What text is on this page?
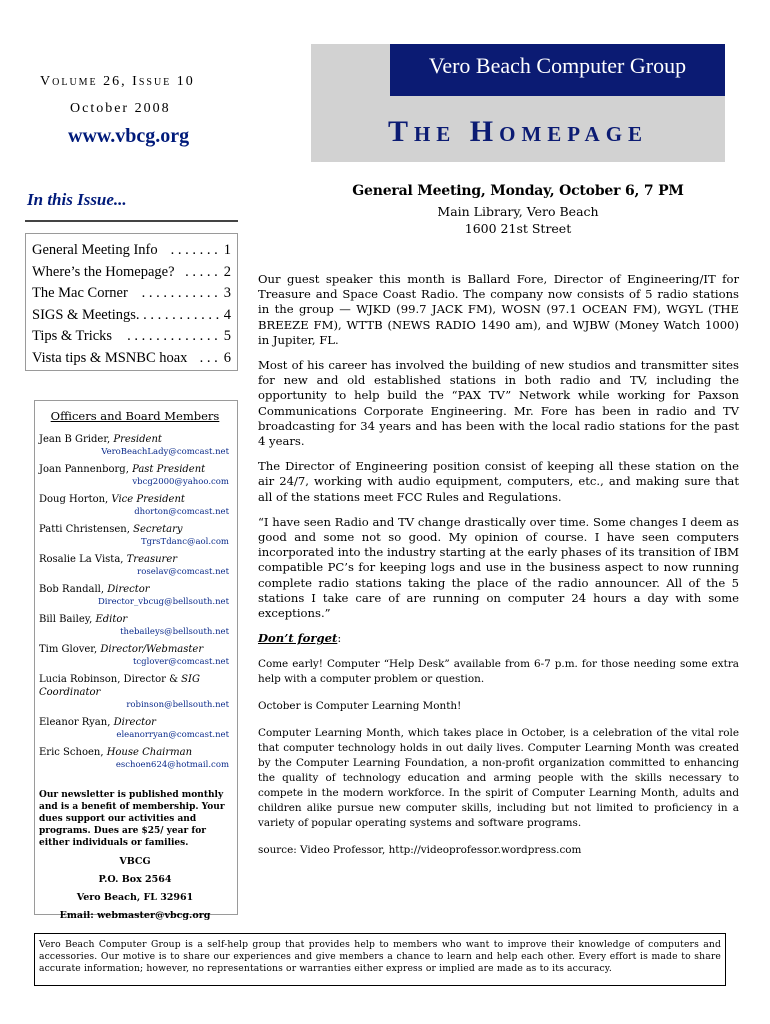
Volume 26, Issue 10
October 2008
www.vbcg.org
Vero Beach Computer Group
The Homepage
In this Issue...
General Meeting Info . . . . . . . 1
Where’s the Homepage? . . . . . 2
The Mac Corner . . . . . . . . . . . 3
SIGS & Meetings . . . . . . . . . . . . 4
Tips & Tricks	. . . . . . . . . . . . . 5
Vista tips & MSNBC hoax . . . 6
Officers and Board Members
Jean B Grider, President
VeroBeachLady@comcast.net
Joan Pannenborg, Past President
vbcg2000@yahoo.com
Doug Horton, Vice President
dhorton@comcast.net
Patti Christensen, Secretary
TgrsTdanc@aol.com
Rosalie La Vista, Treasurer
roselav@comcast.net
Bob Randall, Director
Director_vbcug@bellsouth.net
Bill Bailey, Editor
thebaileys@bellsouth.net
Tim Glover, Director/Webmaster
tcglover@comcast.net
Lucia Robinson, Director & SIG Coordinator
robinson@bellsouth.net
Eleanor Ryan, Director
eleanorryan@comcast.net
Eric Schoen, House Chairman
eschoen624@hotmail.com
Our newsletter is published monthly and is a benefit of membership. Your dues support our activities and programs. Dues are $25/ year for either individuals or families.
VBCG
P.O. Box 2564
Vero Beach, FL 32961
Email: webmaster@vbcg.org
General Meeting, Monday, October 6, 7 PM
Main Library, Vero Beach
1600 21st Street

Our guest speaker this month is Ballard Fore, Director of Engineering/IT for Treasure and Space Coast Radio. The company now consists of 5 radio stations in the group — WJKD (99.7 JACK FM), WOSN (97.1 OCEAN FM), WGYL (THE BREEZE FM), WTTB (NEWS RADIO 1490 am), and WJBW (Money Watch 1000) in Jupiter, FL.

Most of his career has involved the building of new studios and transmitter sites for new and old established stations in both radio and TV, including the opportunity to help build the “PAX TV” Network while working for Paxson Communications Corporate Engineering. Mr. Fore has been in radio and TV broadcasting for 34 years and has been with the local radio stations for the past 4 years.

The Director of Engineering position consist of keeping all these station on the air 24/7, working with audio equipment, computers, etc., and making sure that all of the stations meet FCC Rules and Regulations.

“I have seen Radio and TV change drastically over time. Some changes I deem as good and some not so good. My opinion of course. I have seen computers incorporated into the industry starting at the early phases of its transition of IBM compatible PC’s for keeping logs and use in the business aspect to now running complete radio stations taking the place of the radio announcer. All of the 5 stations I take care of are running on computer 24 hours a day with some exceptions.”

Don’t forget:

Come early! Computer “Help Desk” available from 6-7 p.m. for those needing some extra help with a computer problem or question.

October is Computer Learning Month!

Computer Learning Month, which takes place in October, is a celebration of the vital role that computer technology holds in out daily lives. Computer Learning Month was created by the Computer Learning Foundation, a non-profit organization committed to enhancing the quality of technology education and arming people with the skills necessary to compete in the modern workforce. In the spirit of Computer Learning Month, adults and children alike pursue new computer skills, including but not limited to proficiency in a variety of popular operating systems and software programs.

source: Video Professor, http://videoprofessor.wordpress.com

Vero Beach Computer Group is a self-help group that provides help to members who want to improve their knowledge of computers and accessories. Our motive is to share our experiences and give members a chance to learn and help each other. Every effort is made to share accurate information; however, no representations or warranties either express or implied are made as to its accuracy.
